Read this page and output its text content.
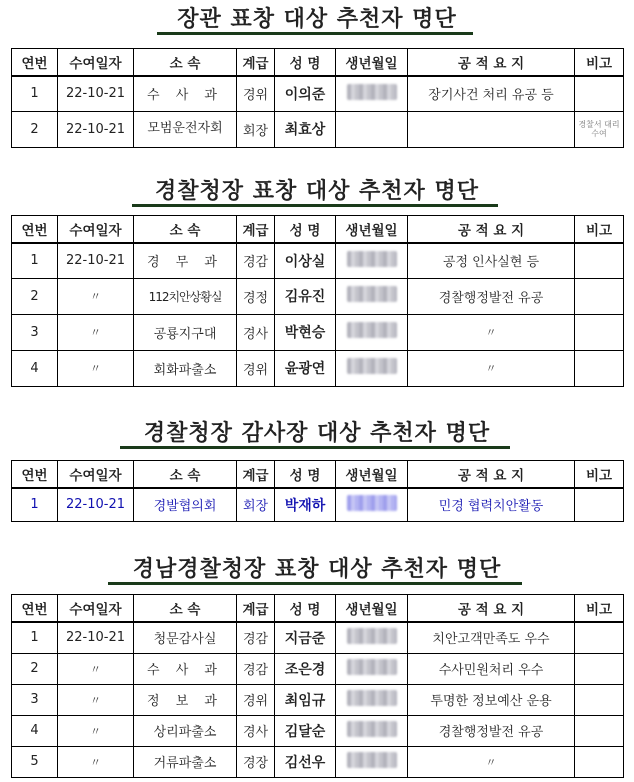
장관 표창 대상 추천자 명단
연번	수여일자	소 속	계급	성 명	생년월일	공 적 요 지	비고
1	22-10-21	수 사 과	경위	이의준		장기사건 처리 유공 등	
2	22-10-21	모범운전자회	회장	최효상			경찰서 대리수여
경찰청장 표창 대상 추천자 명단
연번	수여일자	소 속	계급	성 명	생년월일	공 적 요 지	비고
1	22-10-21	경 무 과	경감	이상실		공정 인사실현 등	
2	〃	112치안상황실	경정	김유진		경찰행정발전 유공	
3	〃	공룡지구대	경사	박현승		〃	
4	〃	회화파출소	경위	윤광연		〃	
경찰청장 감사장 대상 추천자 명단
연번	수여일자	소 속	계급	성 명	생년월일	공 적 요 지	비고
1	22-10-21	경발협의회	회장	박재하		민경 협력치안활동	
경남경찰청장 표창 대상 추천자 명단
연번	수여일자	소 속	계급	성 명	생년월일	공 적 요 지	비고
1	22-10-21	청문감사실	경감	지금준		치안고객만족도 우수	
2	〃	수 사 과	경감	조은경		수사민원처리 우수	
3	〃	정 보 과	경위	최임규		투명한 정보예산 운용	
4	〃	상리파출소	경사	김달순		경찰행정발전 유공	
5	〃	거류파출소	경장	김선우		〃	
